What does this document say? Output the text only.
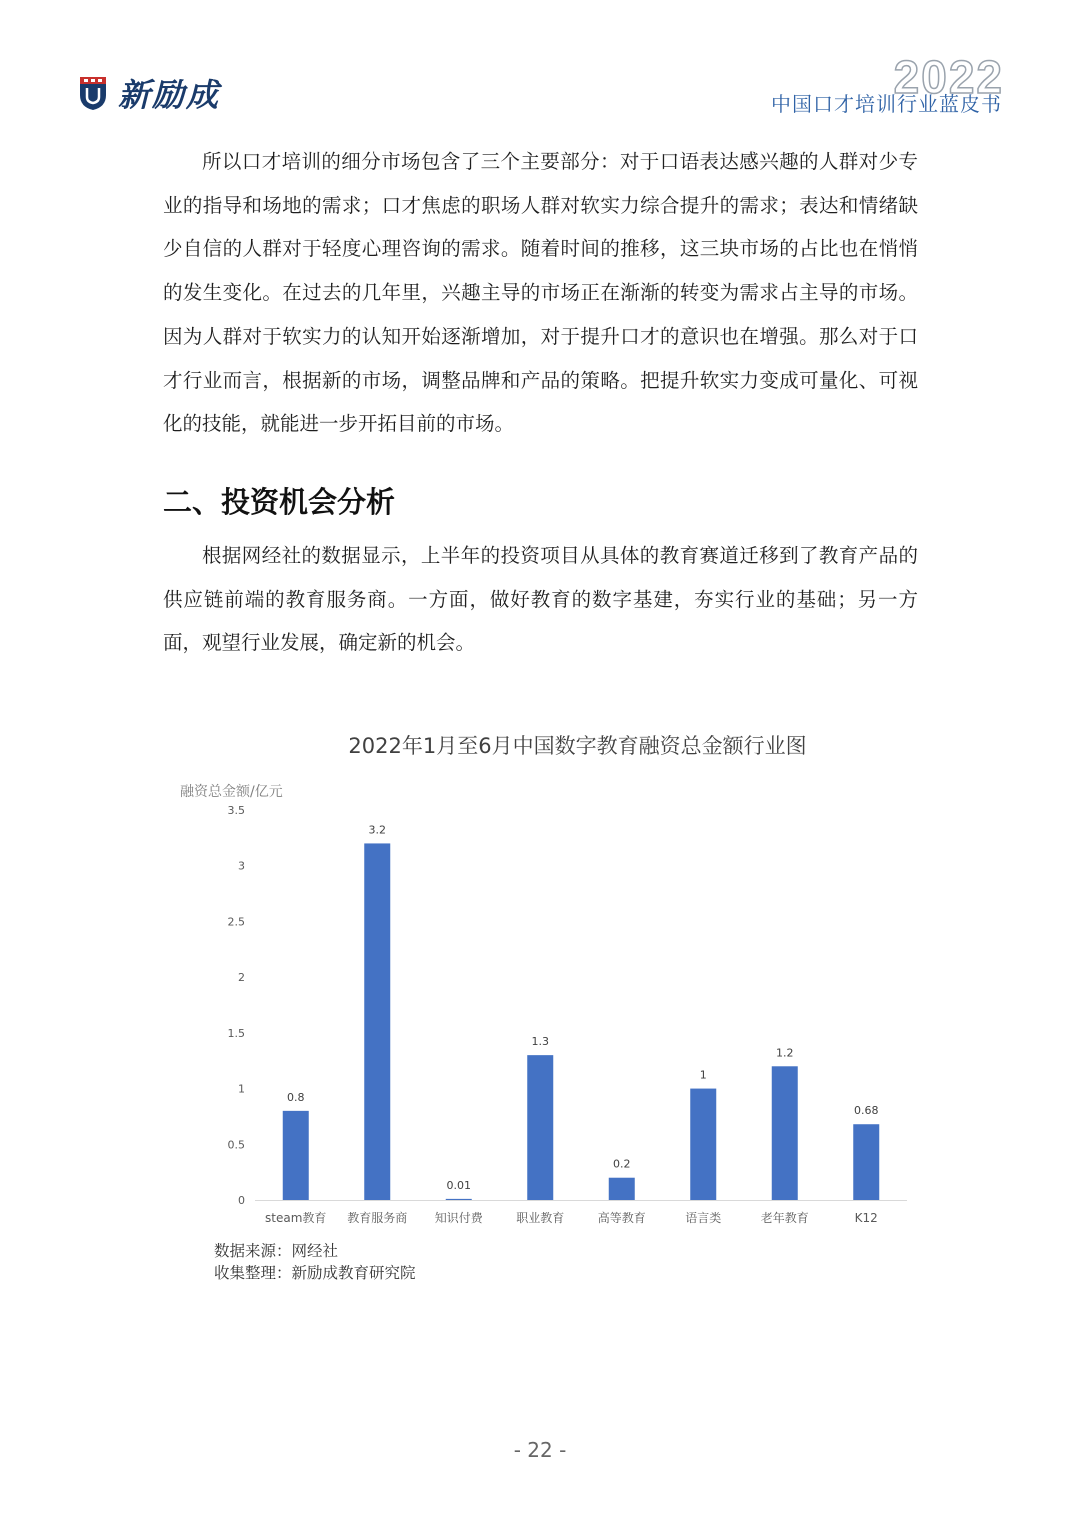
新励成	2022
中国口才培训行业蓝皮书

所以口才培训的细分市场包含了三个主要部分：对于口语表达感兴趣的人群对少专业的指导和场地的需求；口才焦虑的职场人群对软实力综合提升的需求；表达和情绪缺少自信的人群对于轻度心理咨询的需求。随着时间的推移，这三块市场的占比也在悄悄的发生变化。在过去的几年里，兴趣主导的市场正在渐渐的转变为需求占主导的市场。因为人群对于软实力的认知开始逐渐增加，对于提升口才的意识也在增强。那么对于口才行业而言，根据新的市场，调整品牌和产品的策略。把提升软实力变成可量化、可视化的技能，就能进一步开拓目前的市场。

二、投资机会分析

根据网经社的数据显示，上半年的投资项目从具体的教育赛道迁移到了教育产品的供应链前端的教育服务商。一方面，做好教育的数字基建，夯实行业的基础；另一方面，观望行业发展，确定新的机会。

2022年1月至6月中国数字教育融资总金额行业图
融资总金额/亿元
0
0.5
1
1.5
2
2.5
3
3.5
0.8
steam教育
3.2
教育服务商
0.01
知识付费
1.3
职业教育
0.2
高等教育
1
语言类
1.2
老年教育
0.68
K12
数据来源：网经社
收集整理：新励成教育研究院
- 22 -
